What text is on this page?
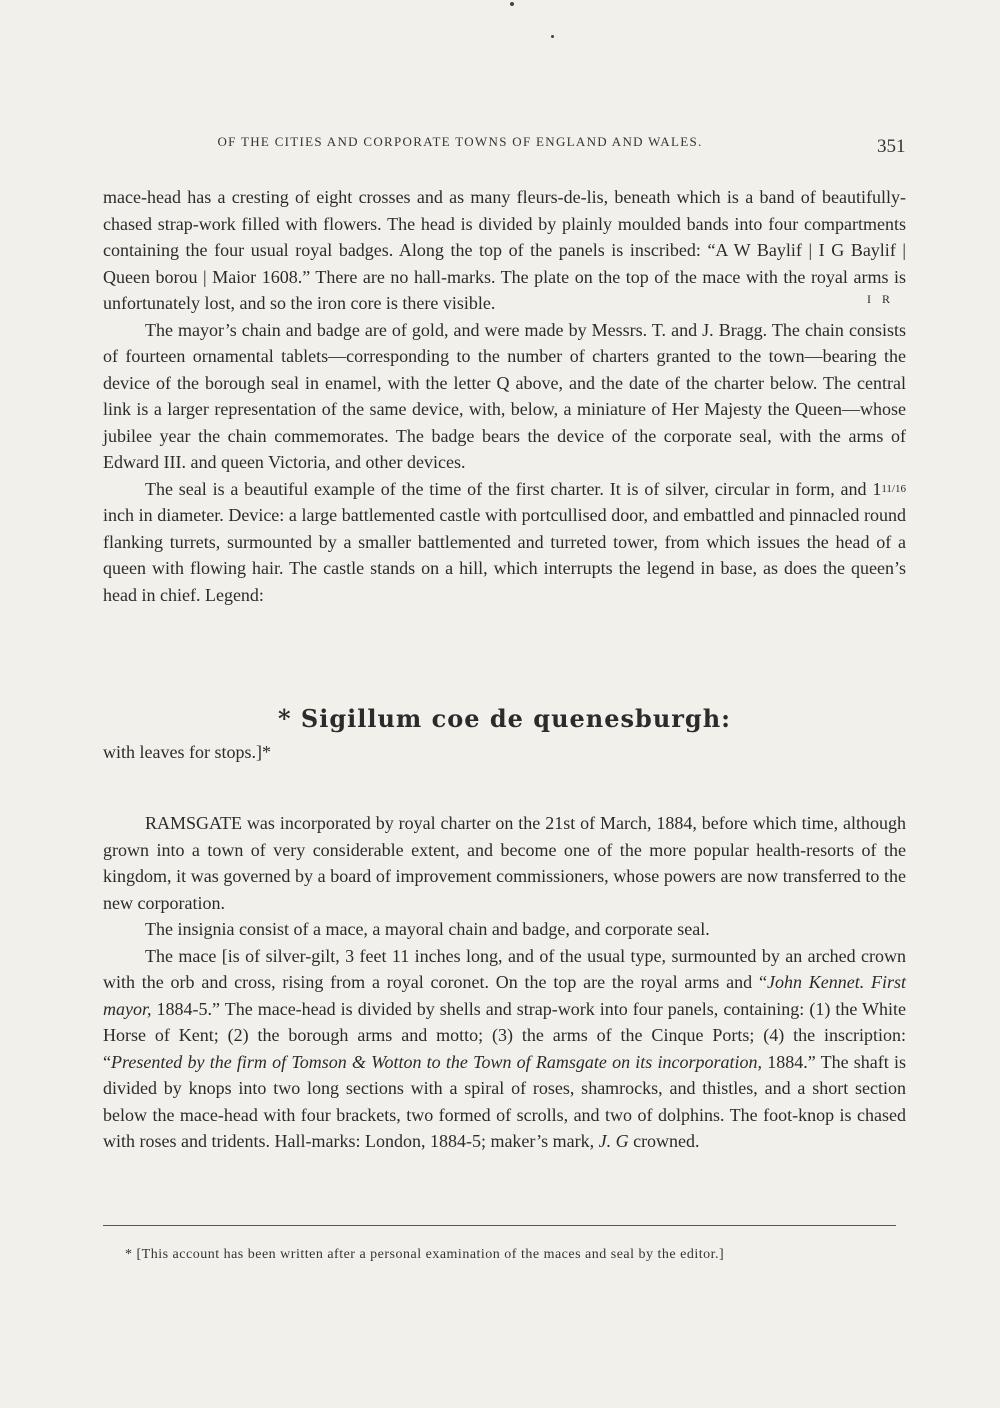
OF THE CITIES AND CORPORATE TOWNS OF ENGLAND AND WALES.	351

mace-head has a cresting of eight crosses and as many fleurs-de-lis, beneath which is a band of beautifully-chased strap-work filled with flowers. The head is divided by plainly moulded bands into four compartments containing the four usual royal badges. Along the top of the panels is inscribed: “A W Baylif | I G Baylif | Queen borou | Maior 1608.” There are no hall-marks. The plate on the top of the mace with the royal arms is unfortunately lost, and so the iron core is there visible.

The mayor’s chain and badge are of gold, and were made by Messrs. T. and J. Bragg. The chain consists of fourteen ornamental tablets—corresponding to the number of charters granted to the town—bearing the device of the borough seal in enamel, with the letter Q above, and the date of the charter below. The central link is a larger representation of the same device, with, below, a miniature of Her Majesty the Queen—whose jubilee year the chain commemorates. The badge bears the device of the corporate seal, with the arms of Edward III. and queen Victoria, and other devices.

The seal is a beautiful example of the time of the first charter. It is of silver, circular in form, and 111/16 inch in diameter. Device: a large battlemented castle with portcullised door, and embattled and pinnacled round flanking turrets, surmounted by a smaller battlemented and turreted tower, from which issues the head of a queen with flowing hair. The castle stands on a hill, which interrupts the legend in base, as does the queen’s head in chief. Legend:

I R
* Sigillum coe de quenesburgh:
with leaves for stops.]*

RAMSGATE was incorporated by royal charter on the 21st of March, 1884, before which time, although grown into a town of very considerable extent, and become one of the more popular health-resorts of the kingdom, it was governed by a board of improvement commissioners, whose powers are now transferred to the new corporation.

The insignia consist of a mace, a mayoral chain and badge, and corporate seal.

The mace [is of silver-gilt, 3 feet 11 inches long, and of the usual type, surmounted by an arched crown with the orb and cross, rising from a royal coronet. On the top are the royal arms and “John Kennet. First mayor, 1884-5.” The mace-head is divided by shells and strap-work into four panels, containing: (1) the White Horse of Kent; (2) the borough arms and motto; (3) the arms of the Cinque Ports; (4) the inscription: “Presented by the firm of Tomson & Wotton to the Town of Ramsgate on its incorporation, 1884.” The shaft is divided by knops into two long sections with a spiral of roses, shamrocks, and thistles, and a short section below the mace-head with four brackets, two formed of scrolls, and two of dolphins. The foot-knop is chased with roses and tridents. Hall-marks: London, 1884-5; maker’s mark, J. G crowned.

* [This account has been written after a personal examination of the maces and seal by the editor.]
